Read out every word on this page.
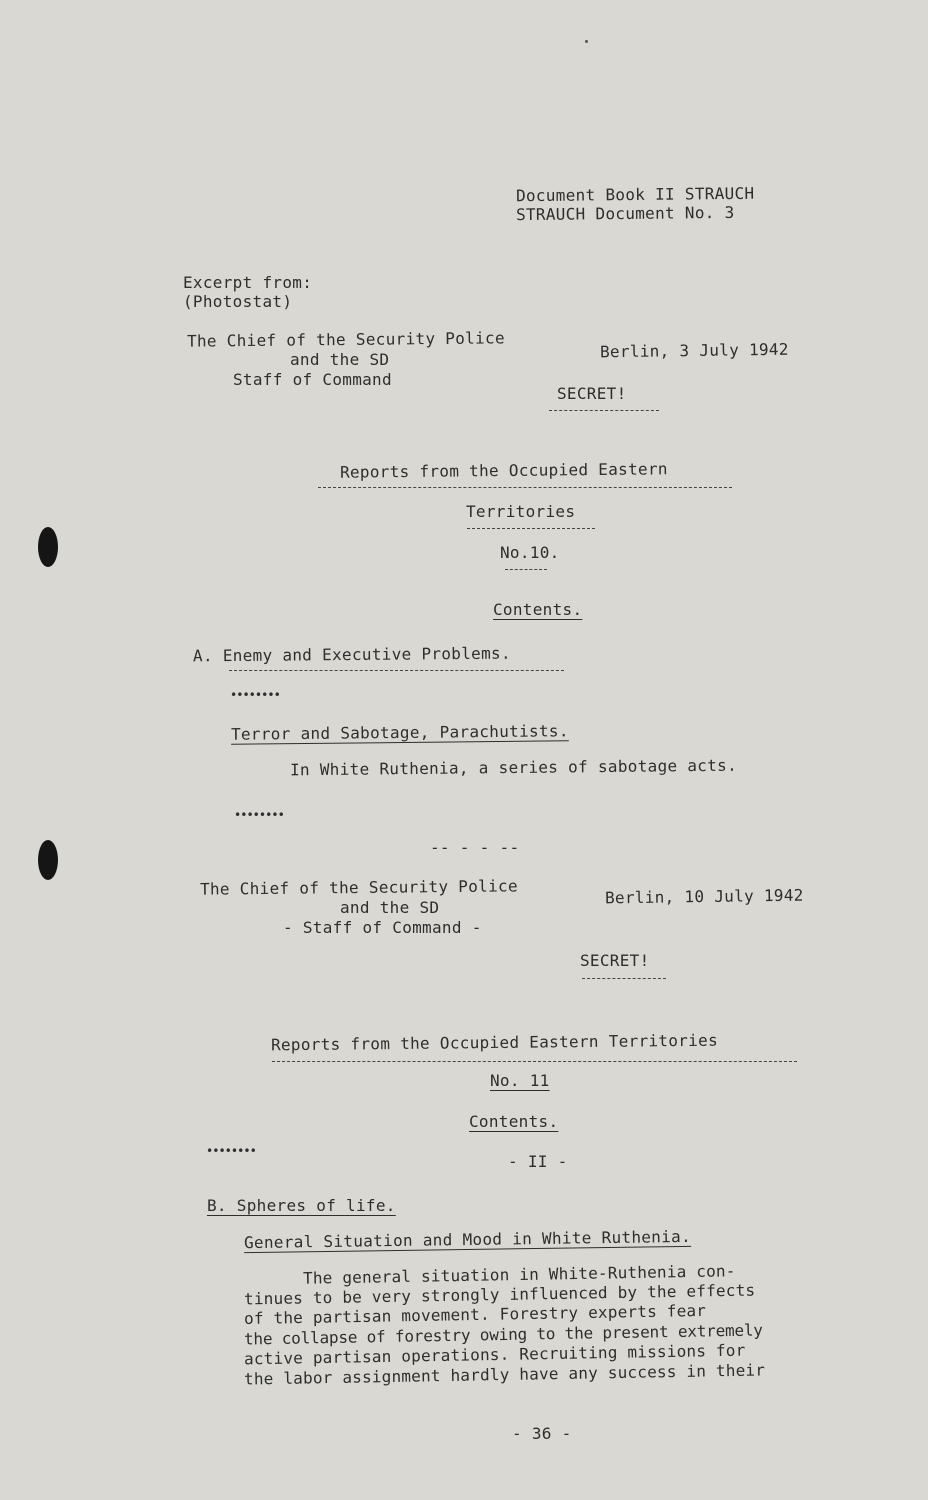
Document Book II STRAUCH
STRAUCH Document No. 3
Excerpt from:
(Photostat)
The Chief of the Security Police
and the SD
Staff of Command
Berlin, 3 July 1942
SECRET!
Reports from the Occupied Eastern
Territories
No.10.
Contents.
A. Enemy and Executive Problems.
••••••••
Terror and Sabotage, Parachutists.
In White Ruthenia, a series of sabotage acts.
••••••••
-- - - --
The Chief of the Security Police
and the SD
- Staff of Command -
Berlin, 10 July 1942
SECRET!
Reports from the Occupied Eastern Territories
No. 11
Contents.
••••••••
- II -
B. Spheres of life.
General Situation and Mood in White Ruthenia.
The general situation in White-Ruthenia con-
tinues to be very strongly influenced by the effects
of the partisan movement. Forestry experts fear
the collapse of forestry owing to the present extremely
active partisan operations. Recruiting missions for
the labor assignment hardly have any success in their
- 36 -
